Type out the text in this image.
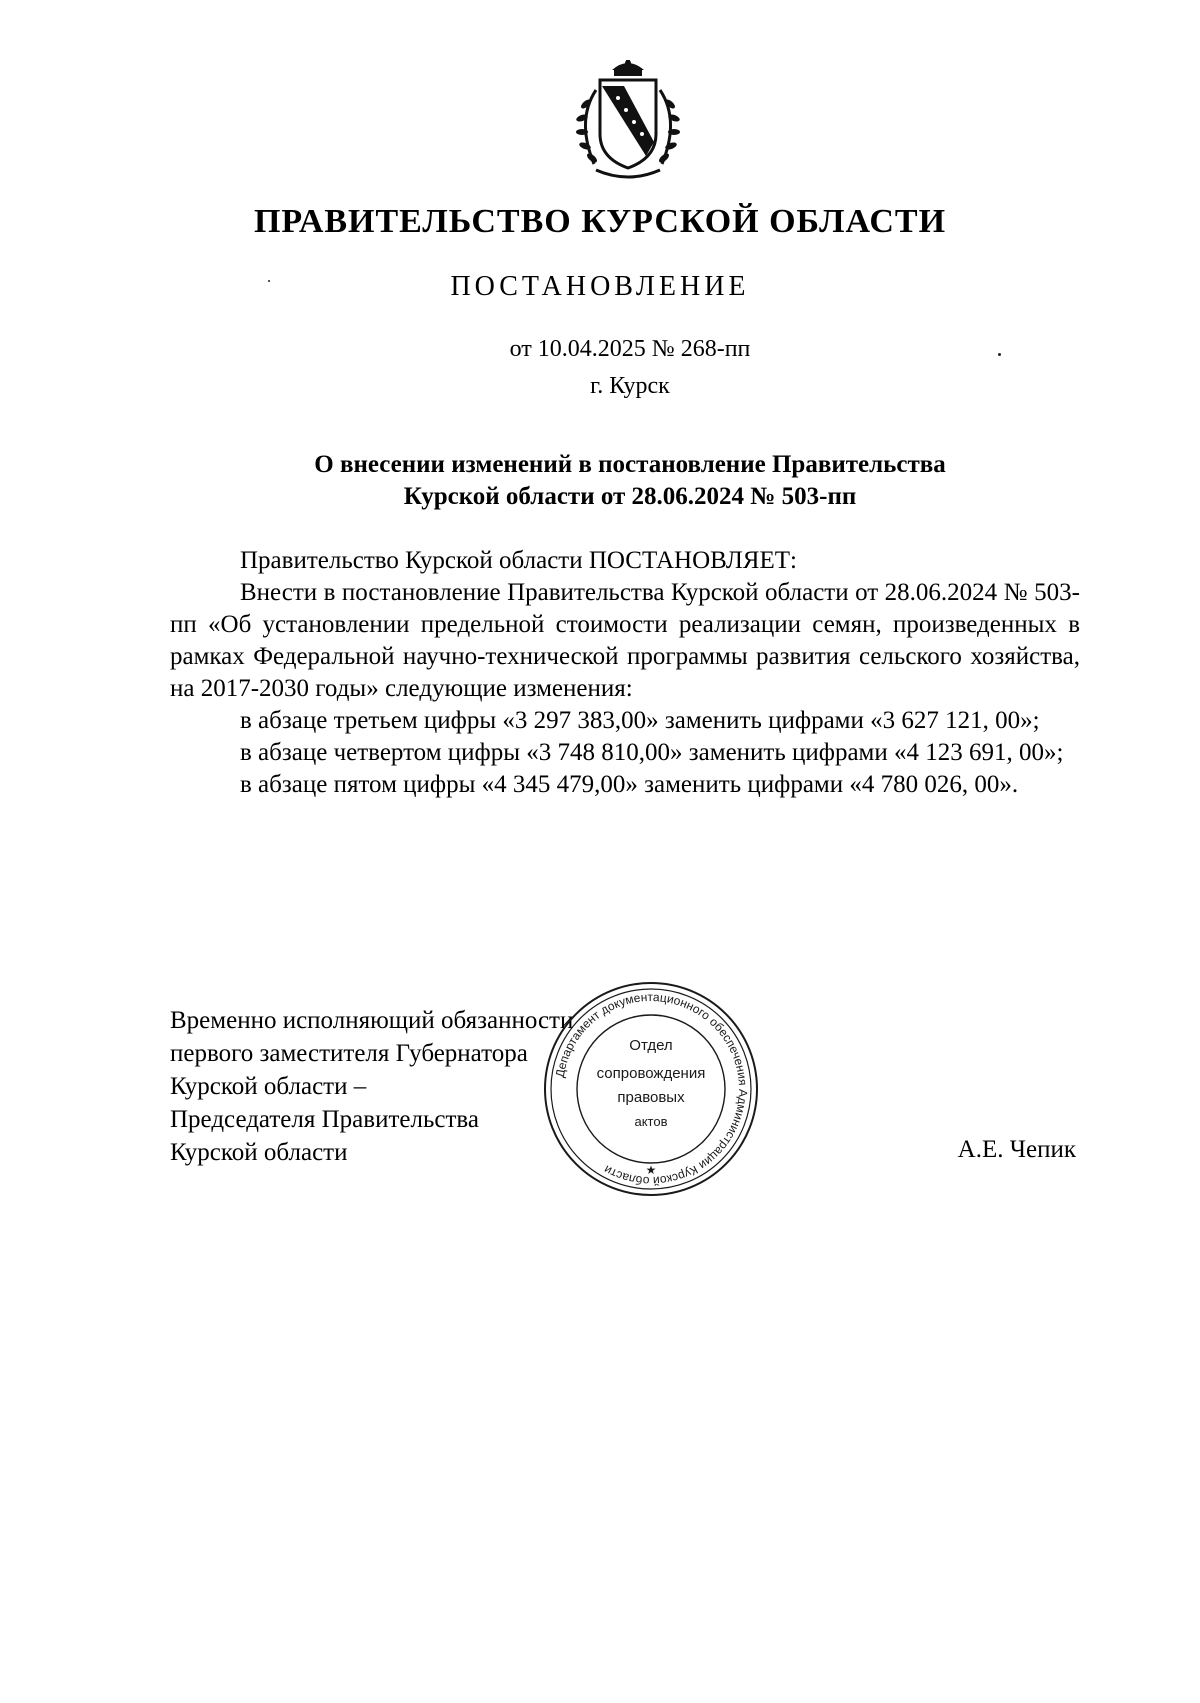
ПРАВИТЕЛЬСТВО КУРСКОЙ ОБЛАСТИ
ПОСТАНОВЛЕНИЕ
от 10.04.2025 № 268-пп
г. Курск
О внесении изменений в постановление Правительства
Курской области от 28.06.2024 № 503-пп

Правительство Курской области ПОСТАНОВЛЯЕТ:

Внести в постановление Правительства Курской области от 28.06.2024 № 503-пп «Об установлении предельной стоимости реализации семян, произведенных в рамках Федеральной научно-технической программы развития сельского хозяйства, на 2017-2030 годы» следующие изменения:

в абзаце третьем цифры «3 297 383,00» заменить цифрами «3 627 121, 00»;

в абзаце четвертом цифры «3 748 810,00» заменить цифрами «4 123 691, 00»;

в абзаце пятом цифры «4 345 479,00» заменить цифрами «4 780 026, 00».

Временно исполняющий обязанности
первого заместителя Губернатора
Курской области –
Председателя Правительства
Курской области	А.Е. Чепик
Департамент документационного обеспечения Администрации Курской области
Отдел
сопровождения
правовых
актов
★
